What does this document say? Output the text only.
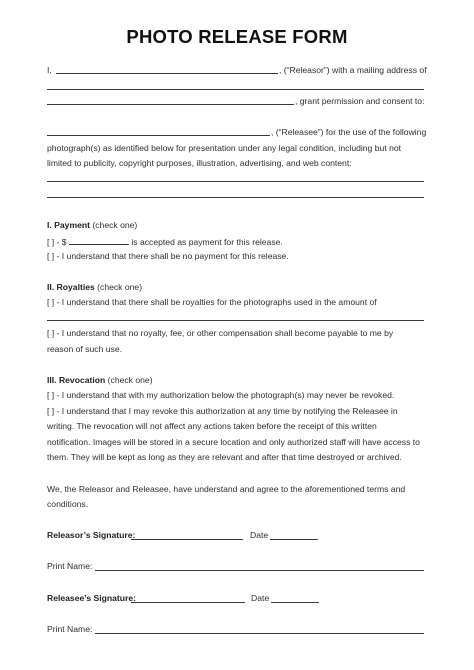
PHOTO RELEASE FORM
I,	, (“Releasor”) with a mailing address of
, grant permission and consent to:
, (“Releasee”) for the use of the following
photograph(s) as identified below for presentation under any legal condition, including but not
limited to publicity, copyright purposes, illustration, advertising, and web content:
I. Payment (check one)
[ ] - $	is accepted as payment for this release.
[ ] - I understand that there shall be no payment for this release.
II. Royalties (check one)
[ ] - I understand that there shall be royalties for the photographs used in the amount of
[ ] - I understand that no royalty, fee, or other compensation shall become payable to me by
reason of such use.
III. Revocation (check one)
[ ] - I understand that with my authorization below the photograph(s) may never be revoked.
[ ] - I understand that I may revoke this authorization at any time by notifying the Releasee in
writing. The revocation will not affect any actions taken before the receipt of this written
notification. Images will be stored in a secure location and only authorized staff will have access to
them. They will be kept as long as they are relevant and after that time destroyed or archived.
We, the Releasor and Releasee, have understand and agree to the aforementioned terms and
conditions.
Releasor’s Signature:	Date
Print Name:
Releasee’s Signature:	Date
Print Name:
